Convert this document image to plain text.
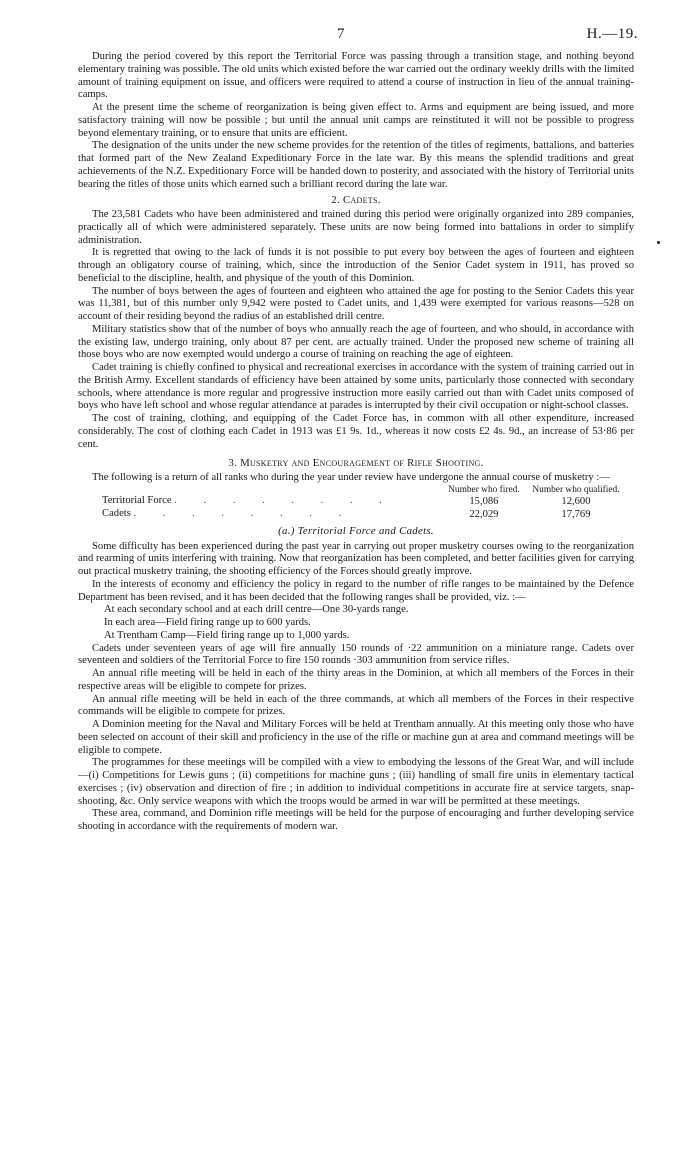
7	H.—19.

During the period covered by this report the Territorial Force was passing through a transition stage, and nothing beyond elementary training was possible. The old units which existed before the war carried out the ordinary weekly drills with the limited amount of training equipment on issue, and officers were required to attend a course of instruction in lieu of the annual training-camps.

At the present time the scheme of reorganization is being given effect to. Arms and equipment are being issued, and more satisfactory training will now be possible ; but until the annual unit camps are reinstituted it will not be possible to progress beyond elementary training, or to ensure that units are efficient.

The designation of the units under the new scheme provides for the retention of the titles of regiments, battalions, and batteries that formed part of the New Zealand Expeditionary Force in the late war. By this means the splendid traditions and great achievements of the N.Z. Expeditionary Force will be handed down to posterity, and associated with the history of Territorial units bearing the titles of those units which earned such a brilliant record during the late war.

2. Cadets.

The 23,581 Cadets who have been administered and trained during this period were originally organized into 289 companies, practically all of which were administered separately. These units are now being formed into battalions in order to simplify administration.

It is regretted that owing to the lack of funds it is not possible to put every boy between the ages of fourteen and eighteen through an obligatory course of training, which, since the introduction of the Senior Cadet system in 1911, has proved so beneficial to the discipline, health, and physique of the youth of this Dominion.

The number of boys between the ages of fourteen and eighteen who attained the age for posting to the Senior Cadets this year was 11,381, but of this number only 9,942 were posted to Cadet units, and 1,439 were exempted for various reasons—528 on account of their residing beyond the radius of an established drill centre.

Military statistics show that of the number of boys who annually reach the age of fourteen, and who should, in accordance with the existing law, undergo training, only about 87 per cent. are actually trained. Under the proposed new scheme of training all those boys who are now exempted would undergo a course of training on reaching the age of eighteen.

Cadet training is chiefly confined to physical and recreational exercises in accordance with the system of training carried out in the British Army. Excellent standards of efficiency have been attained by some units, particularly those connected with secondary schools, where attendance is more regular and progressive instruction more easily carried out than with Cadet units composed of boys who have left school and whose regular attendance at parades is interrupted by their civil occupation or night-school classes.

The cost of training, clothing, and equipping of the Cadet Force has, in common with all other expenditure, increased considerably. The cost of clothing each Cadet in 1913 was £1 9s. 1d., whereas it now costs £2 4s. 9d., an increase of 53·86 per cent.

3. Musketry and Encouragement of Rifle Shooting.

The following is a return of all ranks who during the year under review have undergone the annual course of musketry :—

	Number who fired.	Number who qualified.
Territorial Force . . . . . . . .	15,086	12,600
Cadets . . . . . . . .	22,029	17,769
(a.) Territorial Force and Cadets.

Some difficulty has been experienced during the past year in carrying out proper musketry courses owing to the reorganization and rearming of units interfering with training. Now that reorganization has been completed, and better facilities given for carrying out practical musketry training, the shooting efficiency of the Forces should greatly improve.

In the interests of economy and efficiency the policy in regard to the number of rifle ranges to be maintained by the Defence Department has been revised, and it has been decided that the following ranges shall be provided, viz. :—

At each secondary school and at each drill centre—One 30-yards range.

In each area—Field firing range up to 600 yards.

At Trentham Camp—Field firing range up to 1,000 yards.

Cadets under seventeen years of age will fire annually 150 rounds of ·22 ammunition on a miniature range. Cadets over seventeen and soldiers of the Territorial Force to fire 150 rounds ·303 ammunition from service rifles.

An annual rifle meeting will be held in each of the thirty areas in the Dominion, at which all members of the Forces in their respective areas will be eligible to compete for prizes.

An annual rifle meeting will be held in each of the three commands, at which all members of the Forces in their respective commands will be eligible to compete for prizes.

A Dominion meeting for the Naval and Military Forces will be held at Trentham annually. At this meeting only those who have been selected on account of their skill and proficiency in the use of the rifle or machine gun at area and command meetings will be eligible to compete.

The programmes for these meetings will be compiled with a view to embodying the lessons of the Great War, and will include—(i) Competitions for Lewis guns ; (ii) competitions for machine guns ; (iii) handling of small fire units in elementary tactical exercises ; (iv) observation and direction of fire ; in addition to individual competitions in accurate fire at service targets, snap-shooting, &c. Only service weapons with which the troops would be armed in war will be permitted at these meetings.

These area, command, and Dominion rifle meetings will be held for the purpose of encouraging and further developing service shooting in accordance with the requirements of modern war.
